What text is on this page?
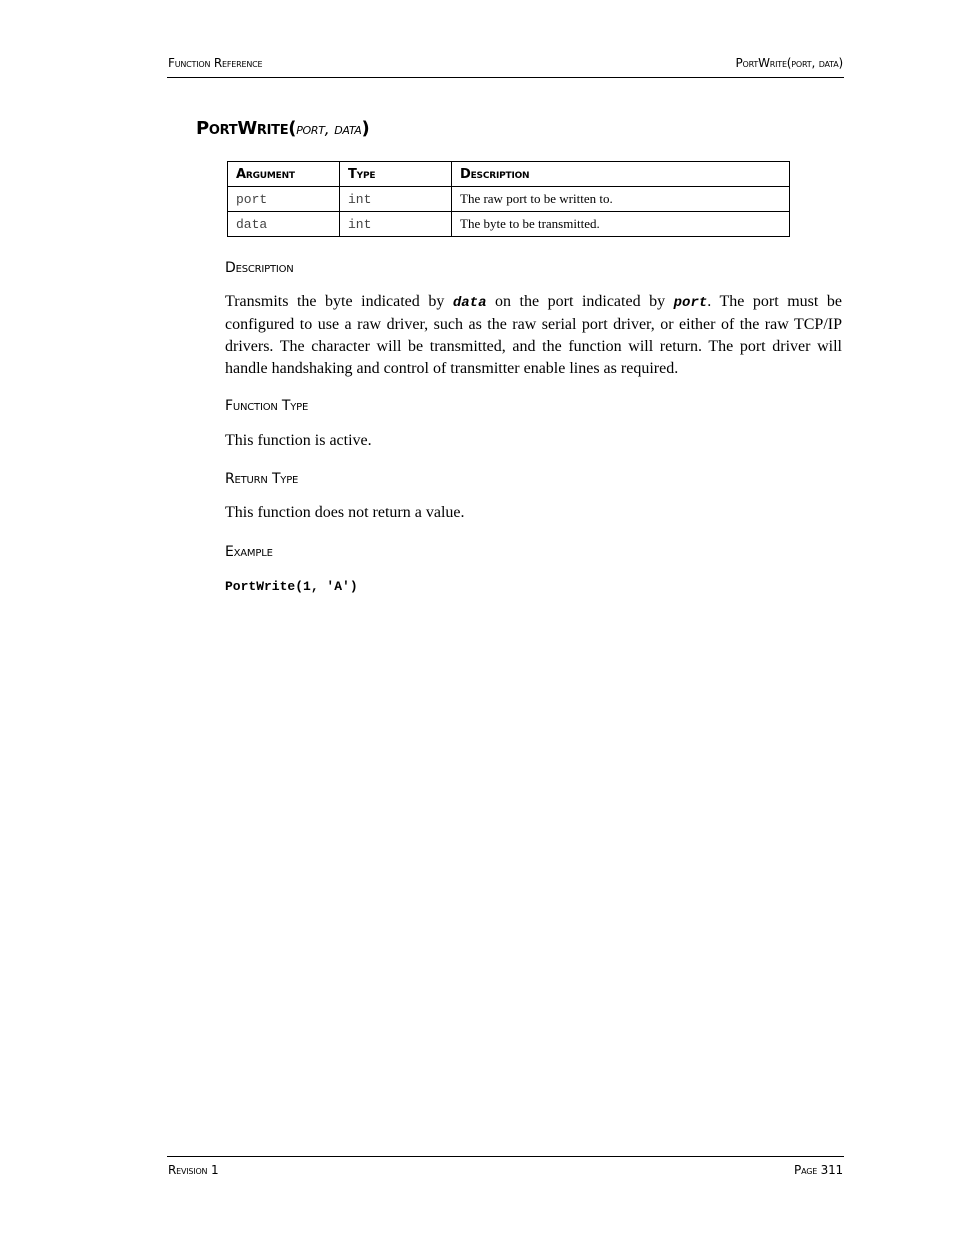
Function Reference	PortWrite(port, data)
PortWrite(port, data)
Argument	Type	Description
port	int	The raw port to be written to.
data	int	The byte to be transmitted.
Description
Transmits the byte indicated by data on the port indicated by port. The port must be configured to use a raw driver, such as the raw serial port driver, or either of the raw TCP/IP drivers. The character will be transmitted, and the function will return. The port driver will handle handshaking and control of transmitter enable lines as required.
Function Type
This function is active.
Return Type
This function does not return a value.
Example
PortWrite(1, 'A')
Revision 1	Page 311
